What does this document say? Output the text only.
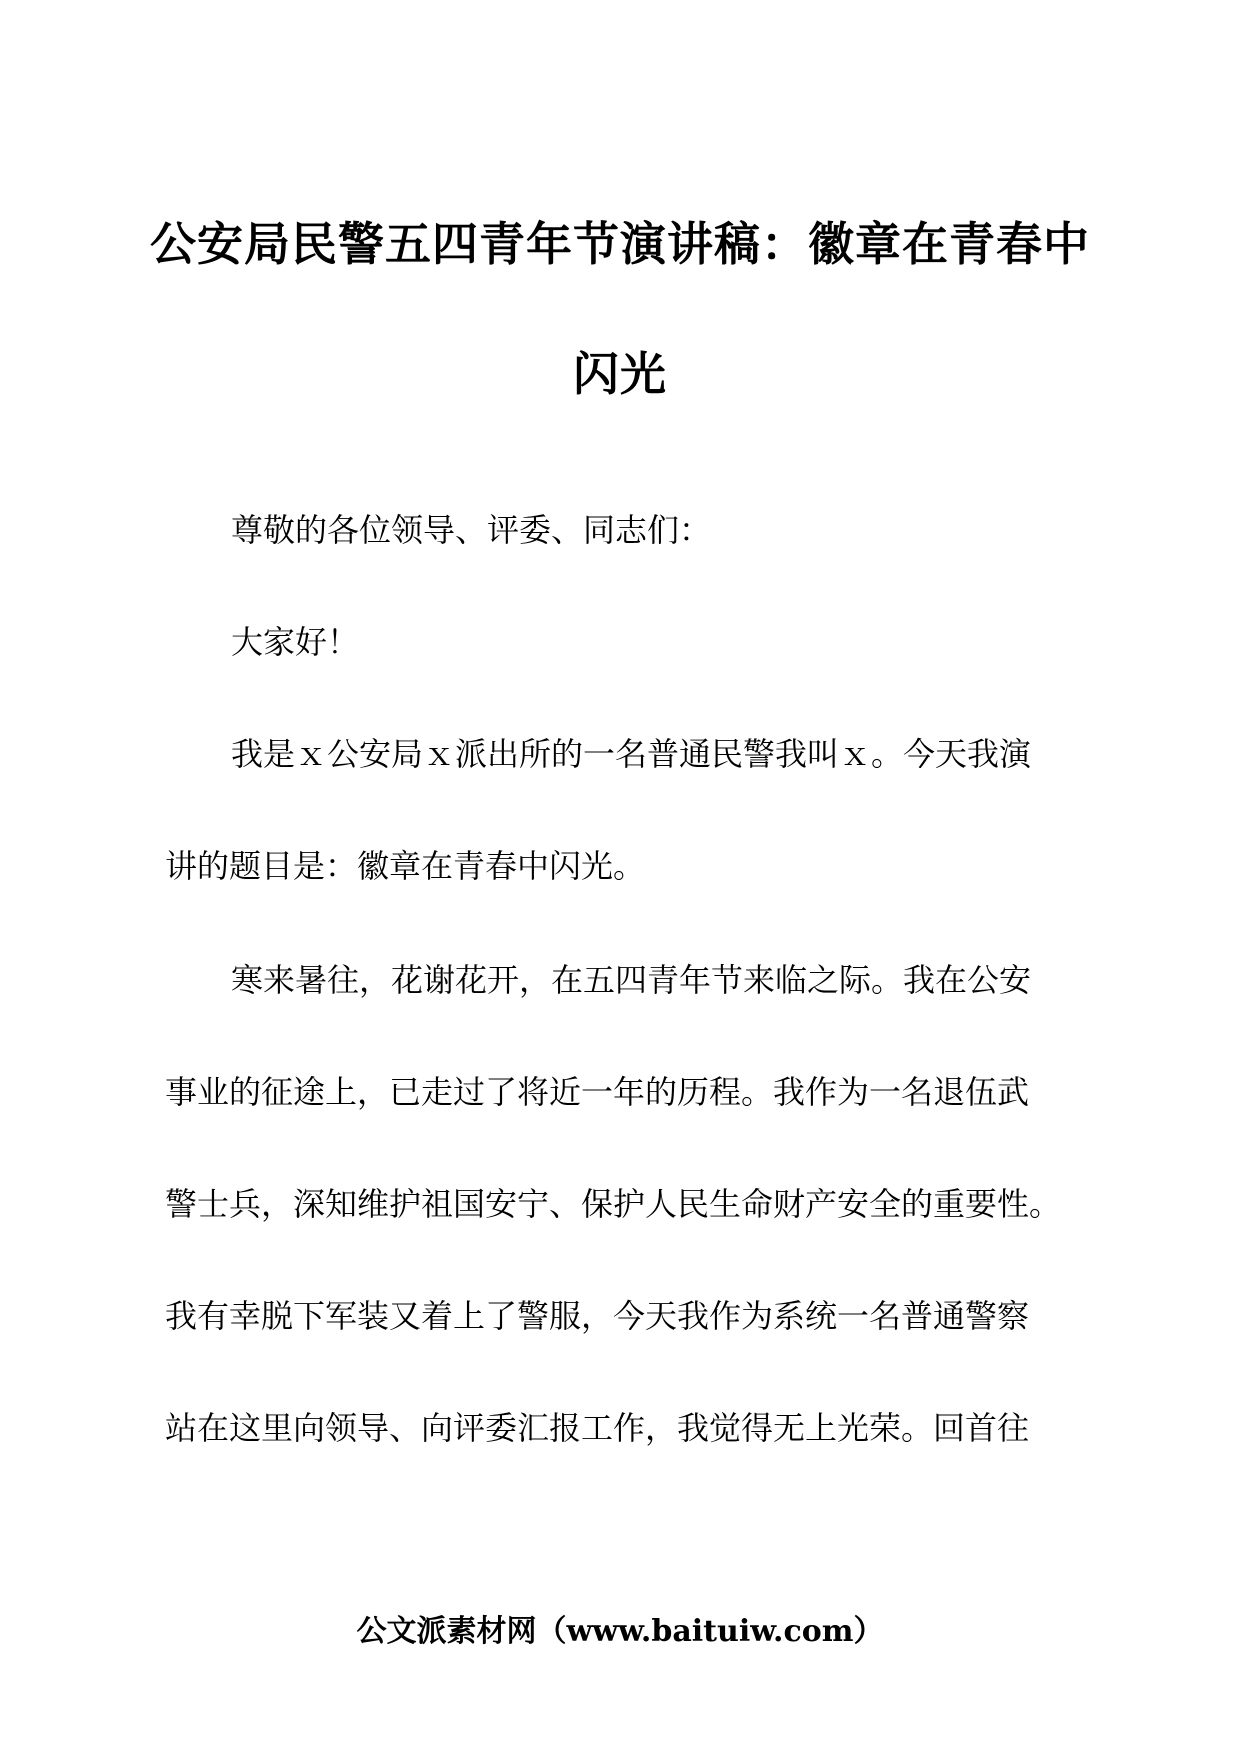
公安局民警五四青年节演讲稿：徽章在青春中
闪光
尊敬的各位领导、评委、同志们：
大家好！
我是ｘ公安局ｘ派出所的一名普通民警我叫ｘ。今天我演
讲的题目是：徽章在青春中闪光。
寒来暑往，花谢花开，在五四青年节来临之际。我在公安
事业的征途上，已走过了将近一年的历程。我作为一名退伍武
警士兵，深知维护祖国安宁、保护人民生命财产安全的重要性。
我有幸脱下军装又着上了警服，今天我作为系统一名普通警察
站在这里向领导、向评委汇报工作，我觉得无上光荣。回首往
公文派素材网（www.baituiw.com）
